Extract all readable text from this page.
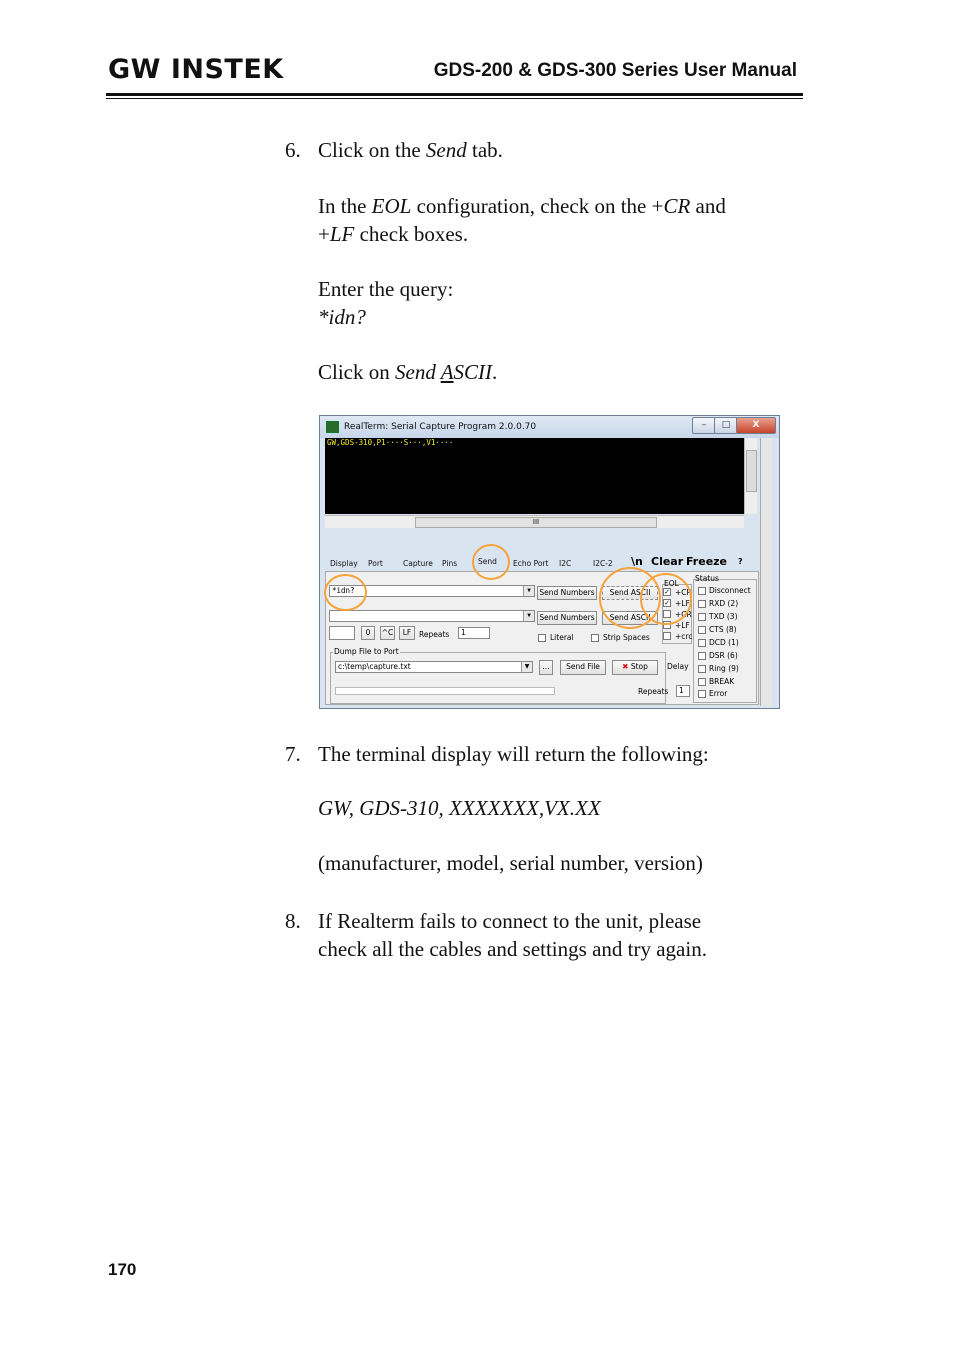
GW INSTEK	GDS-200 & GDS-300 Series User Manual
6. Click on the Send tab.
In the EOL configuration, check on the +CR and
+LF check boxes.
Enter the query:
*idn?
Click on Send ASCII.
RealTerm: Serial Capture Program 2.0.0.70	–	□	X
GW,GDS-310,P1····S···,V1····
III
Display Port	Capture Pins	Send Echo Port I2C	I2C-2 \n Clear Freeze ?
*idn?	▼
▼
Send Numbers	Send ASCII
Send Numbers	Send ASCII
0	^C	LF	Repeats	1
Literal	Strip Spaces
EOL
✓ +CR
✓ +LF
+CR
+LF
+crc
Status
Disconnect
RXD (2)
TXD (3)
CTS (8)
DCD (1)
DSR (6)
Ring (9)
BREAK
Error
Dump File to Port
c:\temp\capture.txt	▼	...	Send File	✖ Stop	Delay
Repeats	1
7. The terminal display will return the following:
GW, GDS-310, XXXXXXX,VX.XX
(manufacturer, model, serial number, version)
8. If Realterm fails to connect to the unit, please
check all the cables and settings and try again.
170
